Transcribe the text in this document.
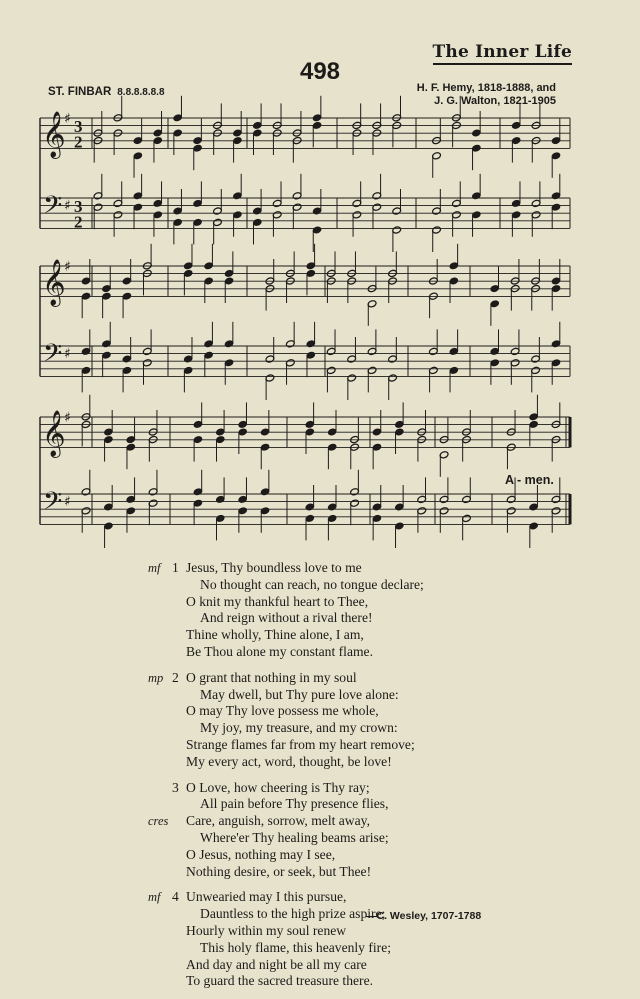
The Inner Life
498
ST. FINBAR 8.8.8.8.8.8	H. F. Hemy, 1818-1888, and
J. G. Walton, 1821-1905
𝄞
𝄢
♯
♯
3
2
3
2
𝄞
𝄢
♯
♯
𝄞
𝄢
♯
♯
A - men.
mf 1 Jesus, Thy boundless love to me
No thought can reach, no tongue declare;
O knit my thankful heart to Thee,
And reign without a rival there!
Thine wholly, Thine alone, I am,
Be Thou alone my constant flame.
mp 2 O grant that nothing in my soul
May dwell, but Thy pure love alone:
O may Thy love possess me whole,
My joy, my treasure, and my crown:
Strange flames far from my heart remove;
My every act, word, thought, be love!
3 O Love, how cheering is Thy ray;
All pain before Thy presence flies,
cres Care, anguish, sorrow, melt away,
Where'er Thy healing beams arise;
O Jesus, nothing may I see,
Nothing desire, or seek, but Thee!
mf 4 Unwearied may I this pursue,
Dauntless to the high prize aspire;
Hourly within my soul renew
This holy flame, this heavenly fire;
And day and night be all my care
To guard the sacred treasure there.
—C. Wesley, 1707-1788
